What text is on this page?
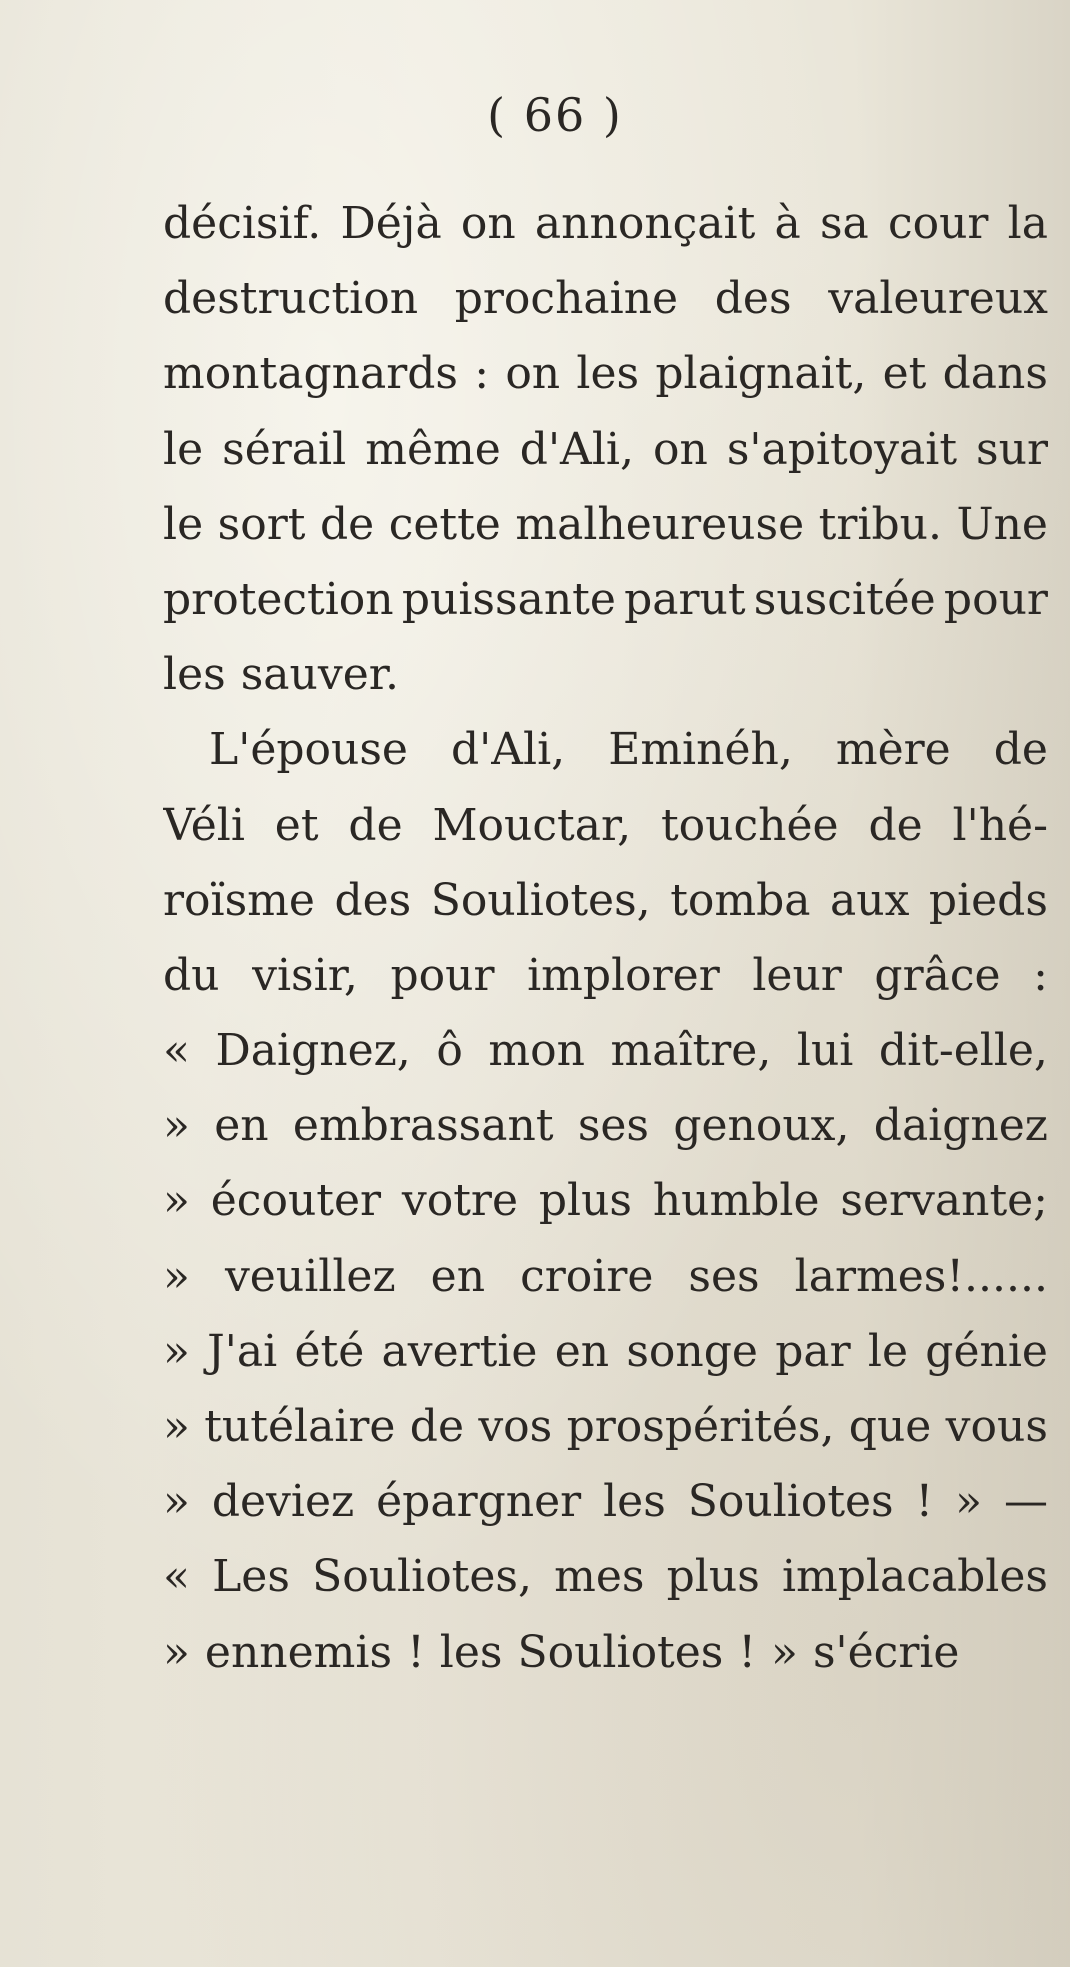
( 66 )
décisif. Déjà on annonçait à sa cour la
destruction prochaine des valeureux
montagnards : on les plaignait, et dans
le sérail même d'Ali, on s'apitoyait sur
le sort de cette malheureuse tribu. Une
protection puissante parut suscitée pour
les sauver.
L'épouse d'Ali, Eminéh, mère de
Véli et de Mouctar, touchée de l'hé-
roïsme des Souliotes, tomba aux pieds
du visir, pour implorer leur grâce :
« Daignez, ô mon maître, lui dit-elle,
» en embrassant ses genoux, daignez
» écouter votre plus humble servante;
» veuillez en croire ses larmes!......
» J'ai été avertie en songe par le génie
» tutélaire de vos prospérités, que vous
» deviez épargner les Souliotes ! » —
« Les Souliotes, mes plus implacables
» ennemis ! les Souliotes ! » s'écrie
